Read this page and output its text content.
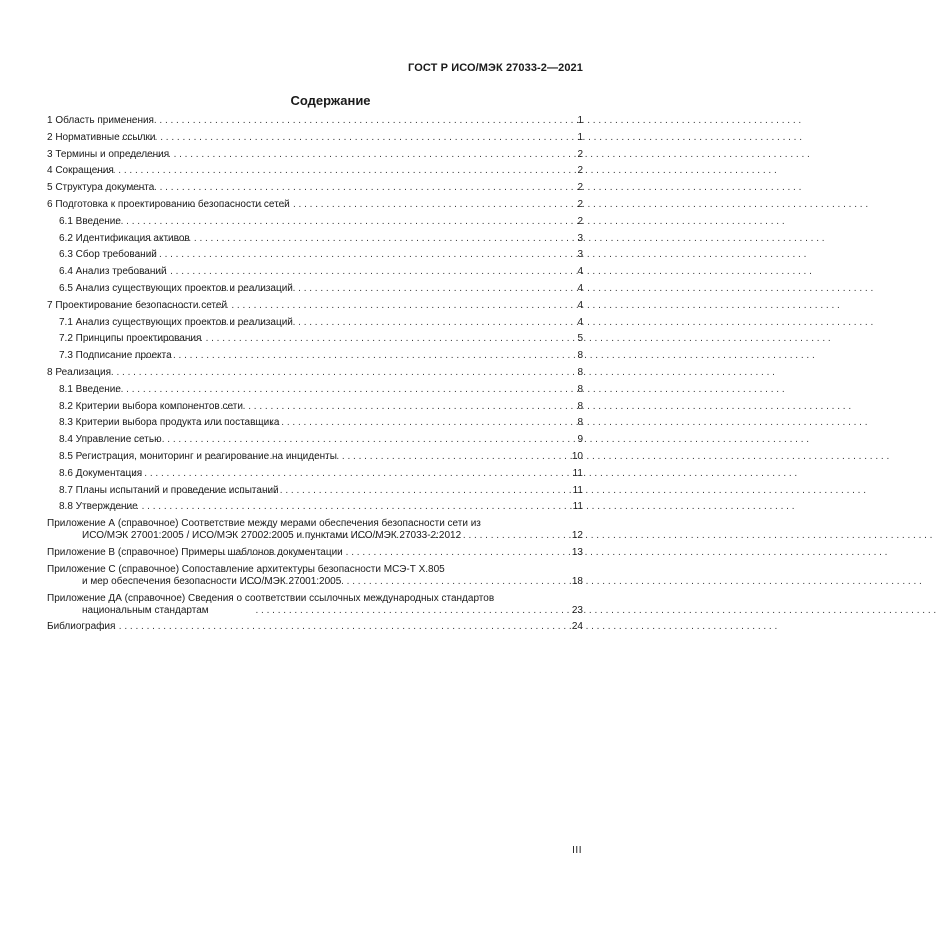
ГОСТ Р ИСО/МЭК 27033-2—2021
Содержание
1 Область применения . . .	1
2 Нормативные ссылки . . .	1
3 Термины и определения . . .	2
4 Сокращения . . .	2
5 Структура документа . . .	2
6 Подготовка к проектированию безопасности сетей . . .	2
6.1 Введение . . .	2
6.2 Идентификация активов . . .	3
6.3 Сбор требований . . .	3
6.4 Анализ требований . . .	4
6.5 Анализ существующих проектов и реализаций . . .	4
7 Проектирование безопасности сетей . . .	4
7.1 Анализ существующих проектов и реализаций . . .	4
7.2 Принципы проектирования . . .	5
7.3 Подписание проекта . . .	8
8 Реализация . . .	8
8.1 Введение . . .	8
8.2 Критерии выбора компонентов сети . . .	8
8.3 Критерии выбора продукта или поставщика . . .	8
8.4 Управление сетью . . .	9
8.5 Регистрация, мониторинг и реагирование на инциденты . . .	10
8.6 Документация . . .	11
8.7 Планы испытаний и проведение испытаний . . .	11
8.8 Утверждение . . .	11
Приложение А (справочное) Соответствие между мерами обеспечения безопасности сети из
ИСО/МЭК 27001:2005 / ИСО/МЭК 27002:2005 и пунктами ИСО/МЭК 27033-2:2012 . . .	12
Приложение В (справочное) Примеры шаблонов документации . . .	13
Приложение С (справочное) Сопоставление архитектуры безопасности МСЭ-Т Х.805
и мер обеспечения безопасности ИСО/МЭК 27001:2005 . . .	18
Приложение ДА (справочное) Сведения о соответствии ссылочных международных стандартов
национальным стандартам . . .	23
Библиография . . .	24
III
